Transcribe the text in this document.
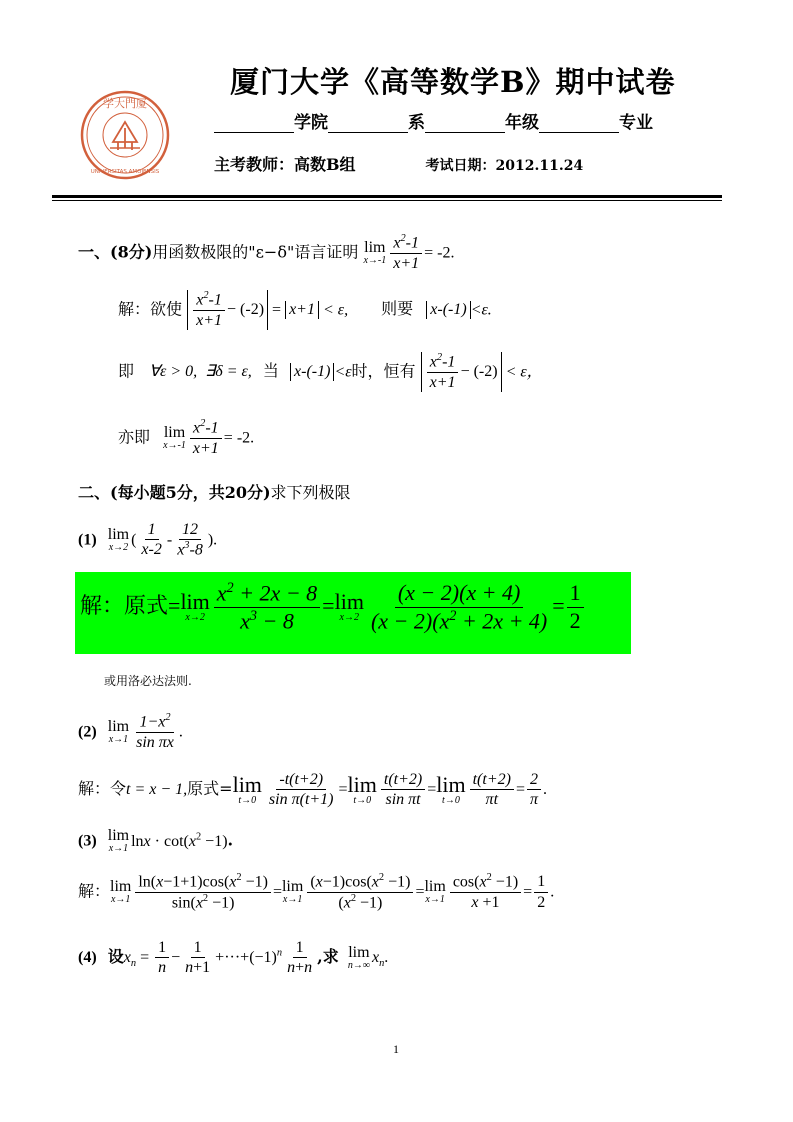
学大門厦
UNIVERSITAS AMOIENSIS
厦门大学《高等数学B》期中试卷
学院	系	年级	专业
主考教师：高数B组	考试日期：2012.11.24
一、(8分)用函数极限的"ε−δ"语言证明 lim
$x\to-1 \frac{x^2-1}{x+1} = -2$.
解：欲使 $\frac{x^2-1}{x+1} - (-2) = x+1 < \varepsilon$, 则要 x-(-1) <ε.
即 ∀ε > 0,  ∃δ = ε, 当 x-(-1) <ε时，恒有 $\frac{x^2-1}{x+1} - (-2) < \varepsilon$，
亦即 lim
$x\to-1 \frac{x^2-1}{x+1} = -2$.
二、(每小题5分，共20分)求下列极限
(1) lim
x→2 ( $\frac{1}{x-2} - \frac{12}{x^3-8}$ ).
解：原式= lim
$x\to 2 \frac{x^2 + 2x - 8}{x^3 - 8} = \lim$
$x\to 2 \frac{(x - 2)(x + 4)}{(x - 2)(x^2 + 2x + 4)} = \frac{1}{2}$
或用洛必达法则.
(2) lim
$x\to 1 \frac{1-x^2}{\text{sin πx}}$ .
解：令t = x − 1,原式= lim
$t\to 0 \frac{-t(t+2)}{\text{sin π(t+1)}} = \lim$
$t\to 0 \frac{t(t+2)}{\text{sin πt}} = \lim$
$t\to 0 \frac{t(t+2)}{\pi t} = \frac{2}{\pi}$ .
(3) lim
x→1 $\ln x \cdot \cot(x^2 -1)$.
解： lim
$x\to 1 \frac{\ln(x-1+1)\cos(x^2 -1)}{\sin(x^2 -1)} = \lim$
$x\to 1 \frac{(x-1)\cos(x^2 -1)}{(x^2 -1)} = \lim$
$x\to 1 \frac{\cos(x^2 -1)}{x +1} = \frac{1}{2}$ .
(4) 设$x_n = \frac{1}{n} - \frac{1}{n+1} +\cdot\cdot\cdot+(-1)^n \frac{1}{n+n}$ ,求 lim
n→∞ $x_n$.
1
